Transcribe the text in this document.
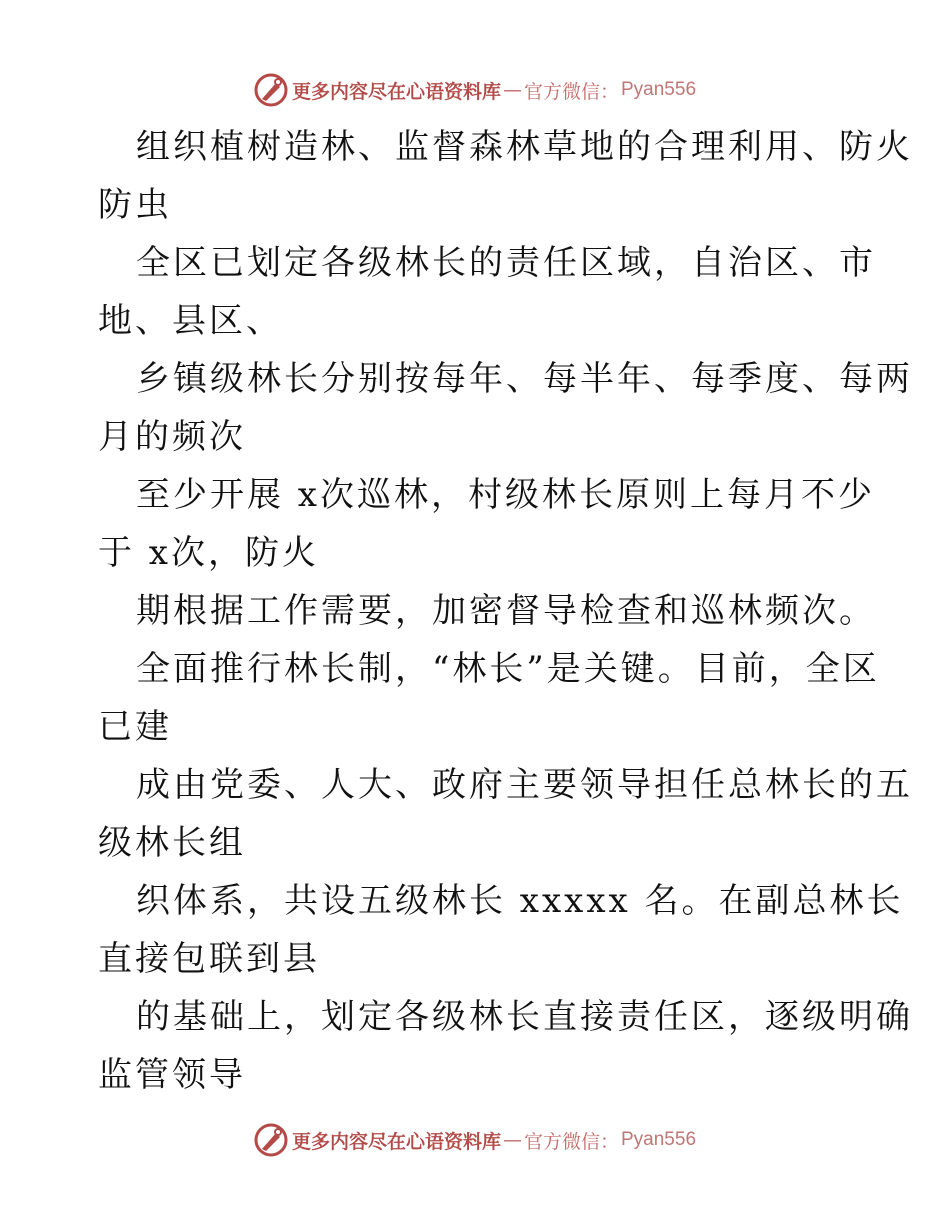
更多内容尽在心语资料库 — 官方微信： Pyan556
组织植树造林、监督森林草地的合理利用、防火
防虫
全区已划定各级林长的责任区域，自治区、市
地、县区、
乡镇级林长分别按每年、每半年、每季度、每两
月的频次
至少开展 x次巡林，村级林长原则上每月不少
于 x次，防火
期根据工作需要，加密督导检查和巡林频次。
全面推行林长制，“林长”是关键。目前，全区
已建
成由党委、人大、政府主要领导担任总林长的五
级林长组
织体系，共设五级林长 xxxxx 名。在副总林长
直接包联到县
的基础上，划定各级林长直接责任区，逐级明确
监管领导
更多内容尽在心语资料库 — 官方微信： Pyan556
